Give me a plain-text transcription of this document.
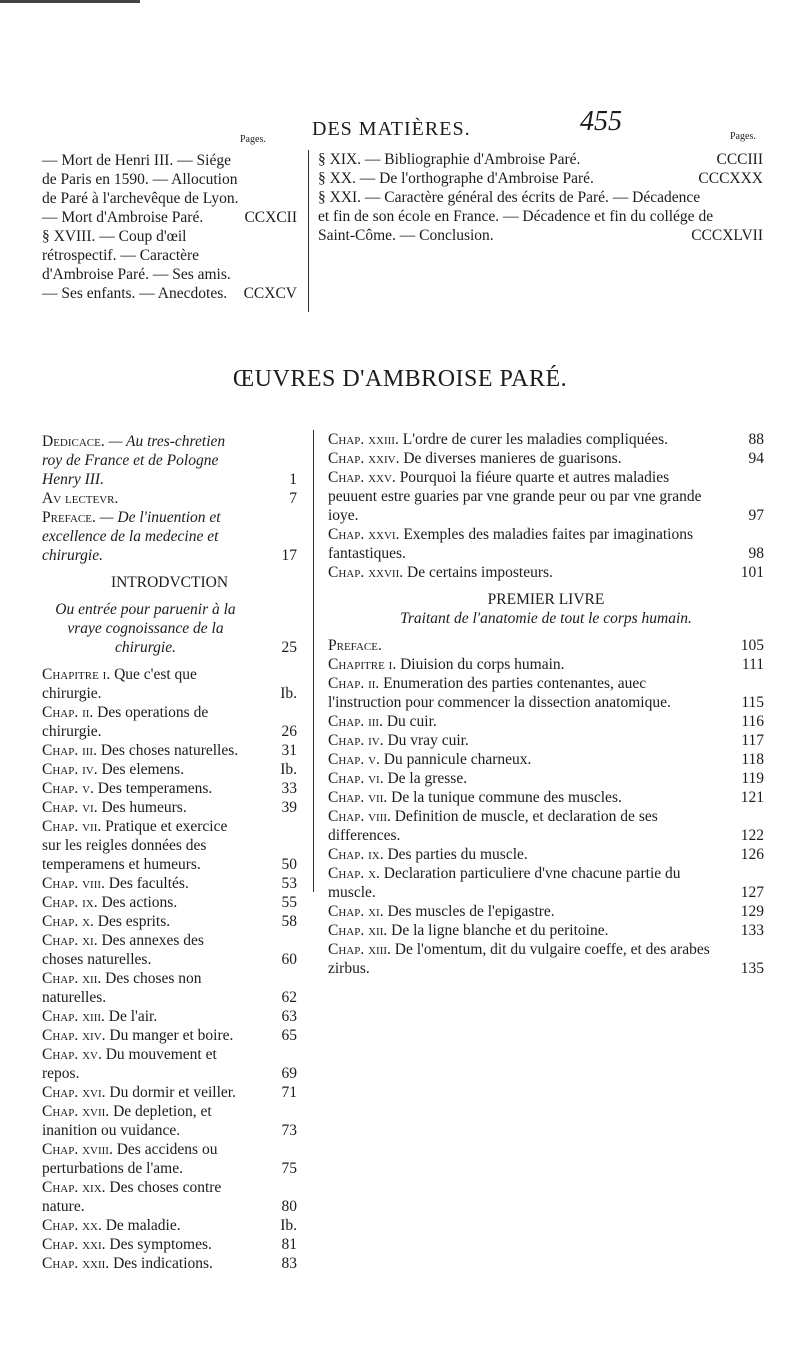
DES MATIÈRES.	455
Pages.
— Mort de Henri III. — Siége de Paris en 1590. — Allocution de Paré à l'archevêque de Lyon. — Mort d'Ambroise Paré.	CCXCII
§ XVIII. — Coup d'œil rétrospectif. — Caractère d'Ambroise Paré. — Ses amis. — Ses enfants. — Anecdotes.	CCXCV
Pages.
§ XIX. — Bibliographie d'Ambroise Paré.	CCCIII
§ XX. — De l'orthographe d'Ambroise Paré.	CCCXXX
§ XXI. — Caractère général des écrits de Paré. — Décadence et fin de son école en France. — Décadence et fin du collége de Saint-Côme. — Conclusion.	CCCXLVII
ŒUVRES D'AMBROISE PARÉ.
Dedicace. — Au tres-chretien roy de France et de Pologne Henry III.	1
Av lectevr.	7
Preface. — De l'inuention et excellence de la medecine et chirurgie.	17
INTRODVCTION
Ou entrée pour paruenir à la vraye cognoissance de la chirurgie.	25
Chapitre i. Que c'est que chirurgie.	Ib.
Chap. ii. Des operations de chirurgie.	26
Chap. iii. Des choses naturelles.	31
Chap. iv. Des elemens.	Ib.
Chap. v. Des temperamens.	33
Chap. vi. Des humeurs.	39
Chap. vii. Pratique et exercice sur les reigles données des temperamens et humeurs.	50
Chap. viii. Des facultés.	53
Chap. ix. Des actions.	55
Chap. x. Des esprits.	58
Chap. xi. Des annexes des choses naturelles.	60
Chap. xii. Des choses non naturelles.	62
Chap. xiii. De l'air.	63
Chap. xiv. Du manger et boire.	65
Chap. xv. Du mouvement et repos.	69
Chap. xvi. Du dormir et veiller.	71
Chap. xvii. De depletion, et inanition ou vuidance.	73
Chap. xviii. Des accidens ou perturbations de l'ame.	75
Chap. xix. Des choses contre nature.	80
Chap. xx. De maladie.	Ib.
Chap. xxi. Des symptomes.	81
Chap. xxii. Des indications.	83
Chap. xxiii. L'ordre de curer les maladies compliquées.	88
Chap. xxiv. De diverses manieres de guarisons.	94
Chap. xxv. Pourquoi la fiéure quarte et autres maladies peuuent estre guaries par vne grande peur ou par vne grande ioye.	97
Chap. xxvi. Exemples des maladies faites par imaginations fantastiques.	98
Chap. xxvii. De certains imposteurs.	101
PREMIER LIVRE
Traitant de l'anatomie de tout le corps humain.
Preface.	105
Chapitre i. Diuision du corps humain.	111
Chap. ii. Enumeration des parties contenantes, auec l'instruction pour commencer la dissection anatomique.	115
Chap. iii. Du cuir.	116
Chap. iv. Du vray cuir.	117
Chap. v. Du pannicule charneux.	118
Chap. vi. De la gresse.	119
Chap. vii. De la tunique commune des muscles.	121
Chap. viii. Definition de muscle, et declaration de ses differences.	122
Chap. ix. Des parties du muscle.	126
Chap. x. Declaration particuliere d'vne chacune partie du muscle.	127
Chap. xi. Des muscles de l'epigastre.	129
Chap. xii. De la ligne blanche et du peritoine.	133
Chap. xiii. De l'omentum, dit du vulgaire coeffe, et des arabes zirbus.	135
